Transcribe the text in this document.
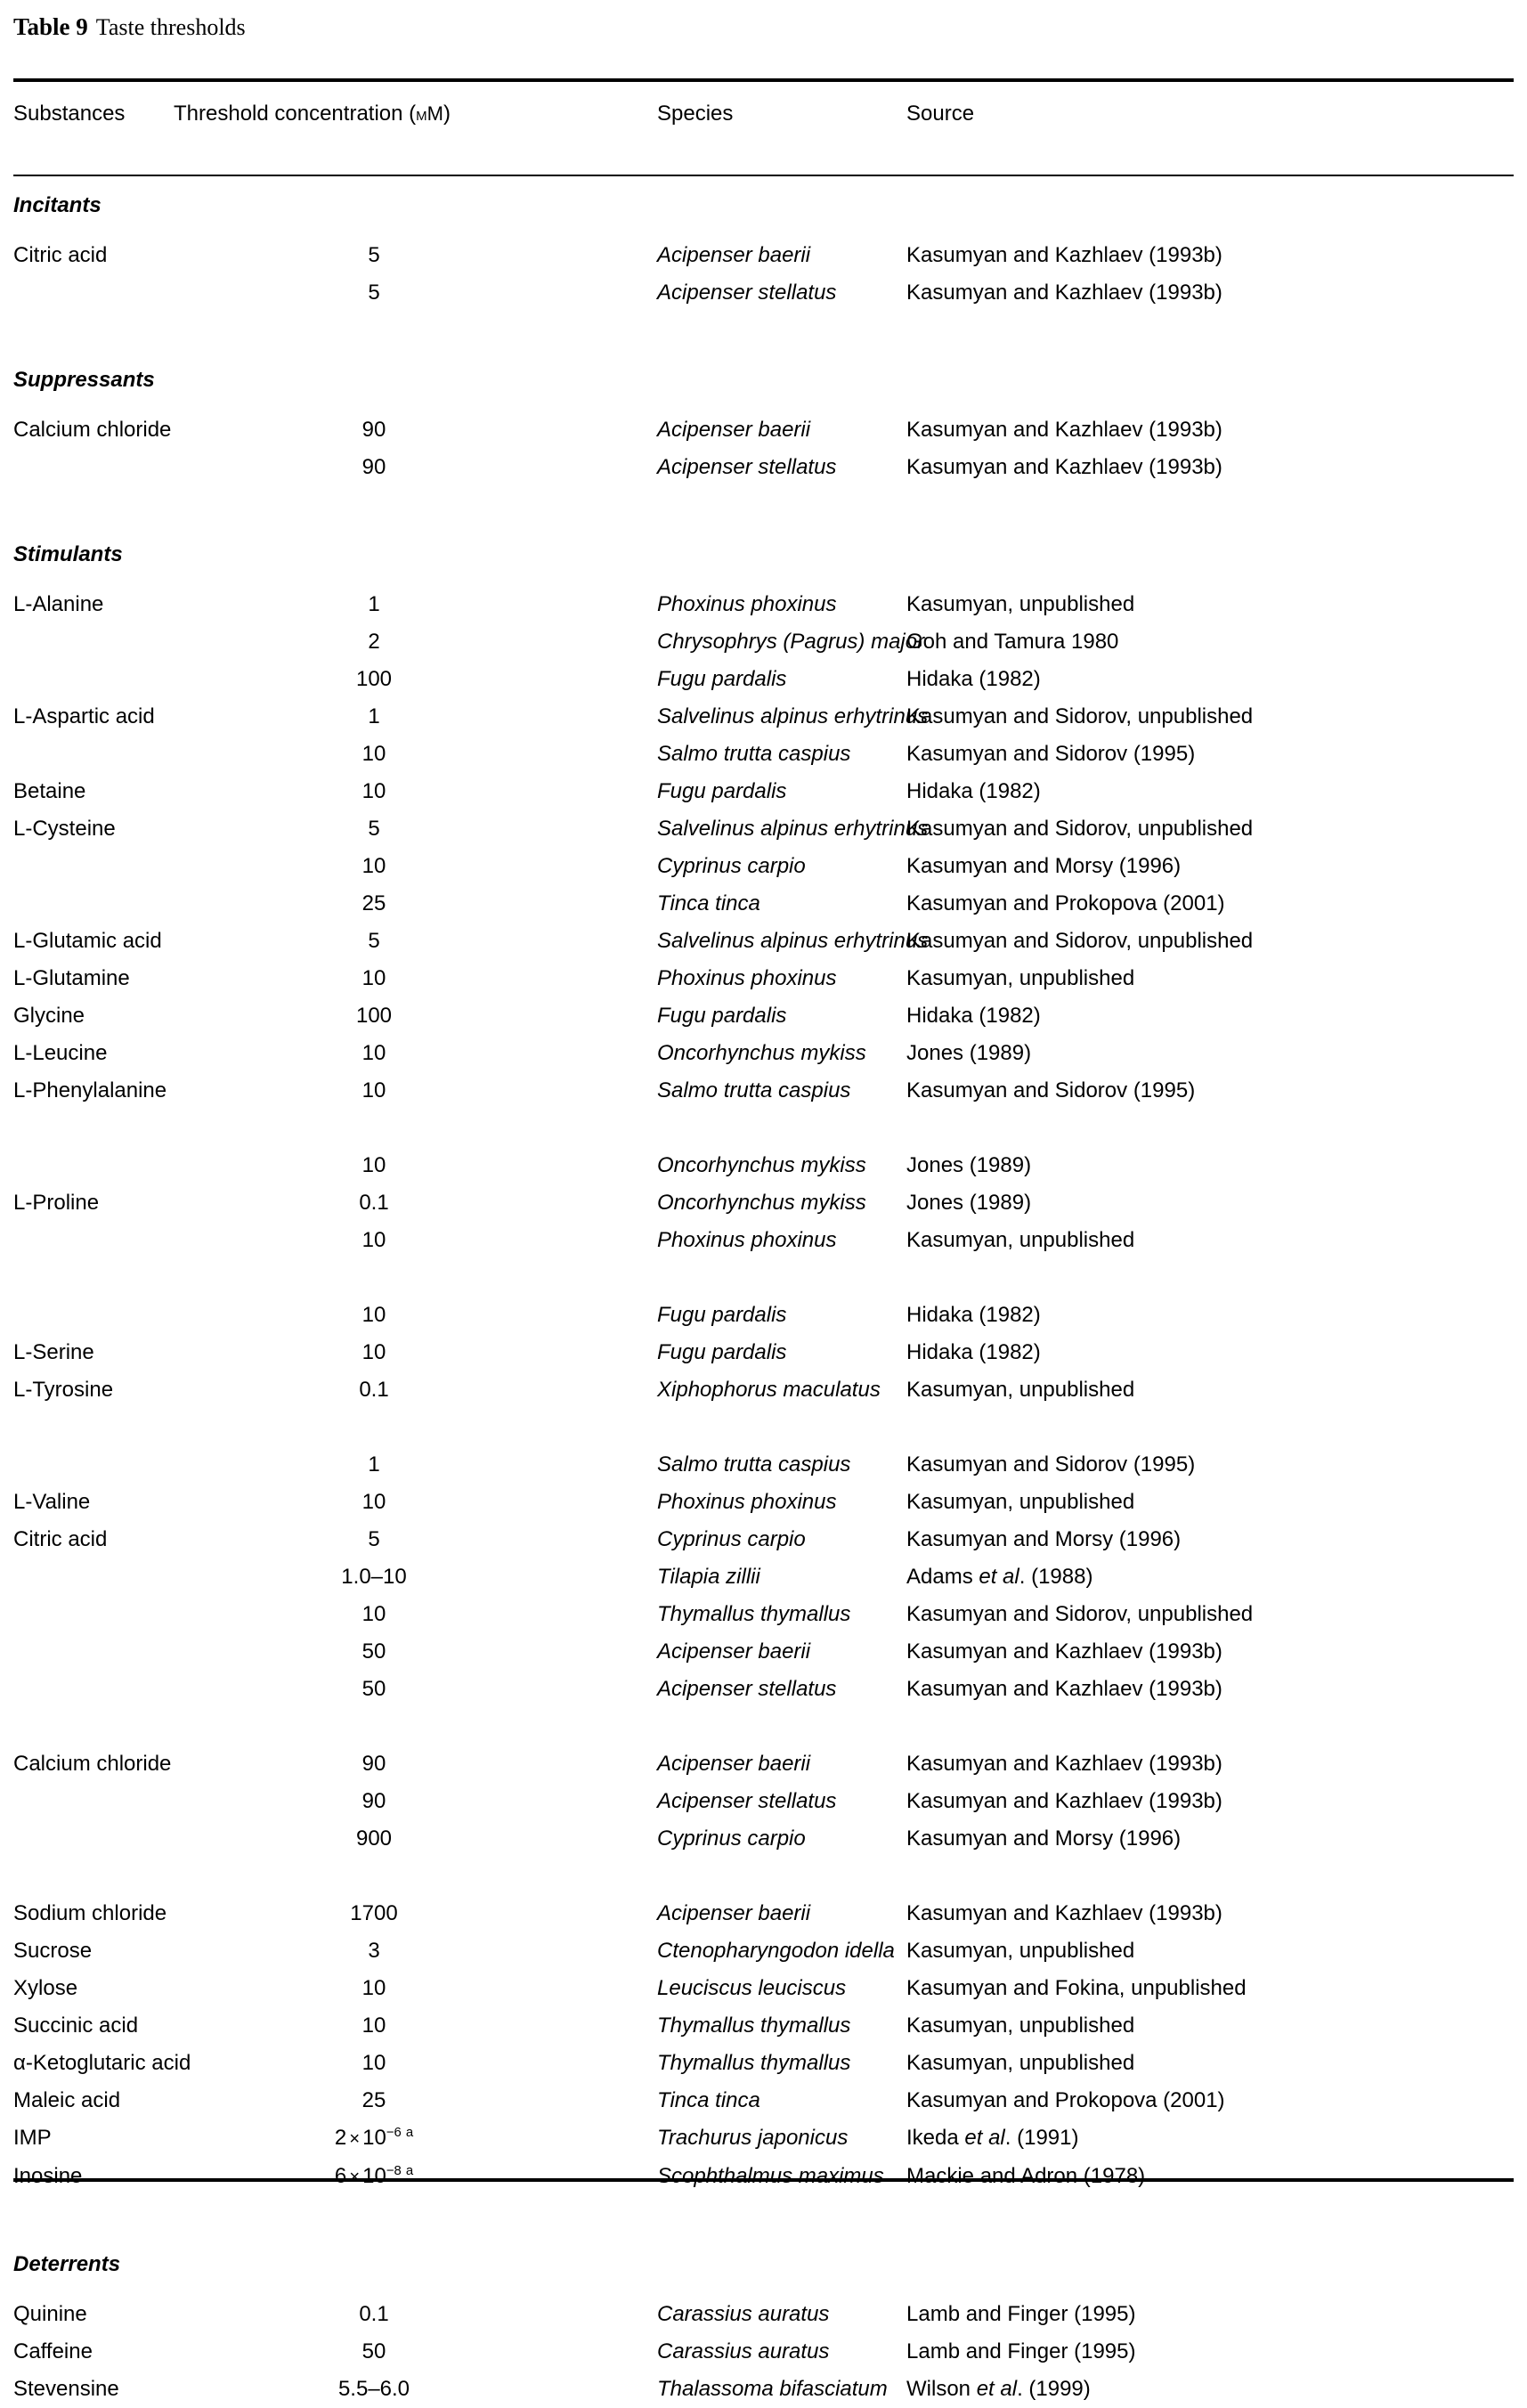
Table 9 Taste thresholds
Substances	Threshold concentration (mM)	Species	Source

Incitants			
Citric acid	5	Acipenser baerii	Kasumyan and Kazhlaev (1993b)
	5	Acipenser stellatus	Kasumyan and Kazhlaev (1993b)

Suppressants			
Calcium chloride	90	Acipenser baerii	Kasumyan and Kazhlaev (1993b)
	90	Acipenser stellatus	Kasumyan and Kazhlaev (1993b)

Stimulants			
L-Alanine	1	Phoxinus phoxinus	Kasumyan, unpublished
	2	Chrysophrys (Pagrus) major	Goh and Tamura 1980
	100	Fugu pardalis	Hidaka (1982)
L-Aspartic acid	1	Salvelinus alpinus erhytrinus	Kasumyan and Sidorov, unpublished
	10	Salmo trutta caspius	Kasumyan and Sidorov (1995)
Betaine	10	Fugu pardalis	Hidaka (1982)
L-Cysteine	5	Salvelinus alpinus erhytrinus	Kasumyan and Sidorov, unpublished
	10	Cyprinus carpio	Kasumyan and Morsy (1996)
	25	Tinca tinca	Kasumyan and Prokopova (2001)
L-Glutamic acid	5	Salvelinus alpinus erhytrinus	Kasumyan and Sidorov, unpublished
L-Glutamine	10	Phoxinus phoxinus	Kasumyan, unpublished
Glycine	100	Fugu pardalis	Hidaka (1982)
L-Leucine	10	Oncorhynchus mykiss	Jones (1989)
L-Phenylalanine	10	Salmo trutta caspius	Kasumyan and Sidorov (1995)

	10	Oncorhynchus mykiss	Jones (1989)
L-Proline	0.1	Oncorhynchus mykiss	Jones (1989)
	10	Phoxinus phoxinus	Kasumyan, unpublished

	10	Fugu pardalis	Hidaka (1982)
L-Serine	10	Fugu pardalis	Hidaka (1982)
L-Tyrosine	0.1	Xiphophorus maculatus	Kasumyan, unpublished

	1	Salmo trutta caspius	Kasumyan and Sidorov (1995)
L-Valine	10	Phoxinus phoxinus	Kasumyan, unpublished
Citric acid	5	Cyprinus carpio	Kasumyan and Morsy (1996)
	1.0–10	Tilapia zillii	Adams et al. (1988)
	10	Thymallus thymallus	Kasumyan and Sidorov, unpublished
	50	Acipenser baerii	Kasumyan and Kazhlaev (1993b)
	50	Acipenser stellatus	Kasumyan and Kazhlaev (1993b)

Calcium chloride	90	Acipenser baerii	Kasumyan and Kazhlaev (1993b)
	90	Acipenser stellatus	Kasumyan and Kazhlaev (1993b)
	900	Cyprinus carpio	Kasumyan and Morsy (1996)

Sodium chloride	1700	Acipenser baerii	Kasumyan and Kazhlaev (1993b)
Sucrose	3	Ctenopharyngodon idella	Kasumyan, unpublished
Xylose	10	Leuciscus leuciscus	Kasumyan and Fokina, unpublished
Succinic acid	10	Thymallus thymallus	Kasumyan, unpublished
α-Ketoglutaric acid	10	Thymallus thymallus	Kasumyan, unpublished
Maleic acid	25	Tinca tinca	Kasumyan and Prokopova (2001)
IMP	$2 \times 10^{-6}$ $^a$	Trachurus japonicus	Ikeda et al. (1991)
Inosine	$6 \times 10^{-8}$ $^a$	Scophthalmus maximus	Mackie and Adron (1978)

Deterrents			
Quinine	0.1	Carassius auratus	Lamb and Finger (1995)
Caffeine	50	Carassius auratus	Lamb and Finger (1995)
Stevensine	5.5–6.0	Thalassoma bifasciatum	Wilson et al. (1999)
